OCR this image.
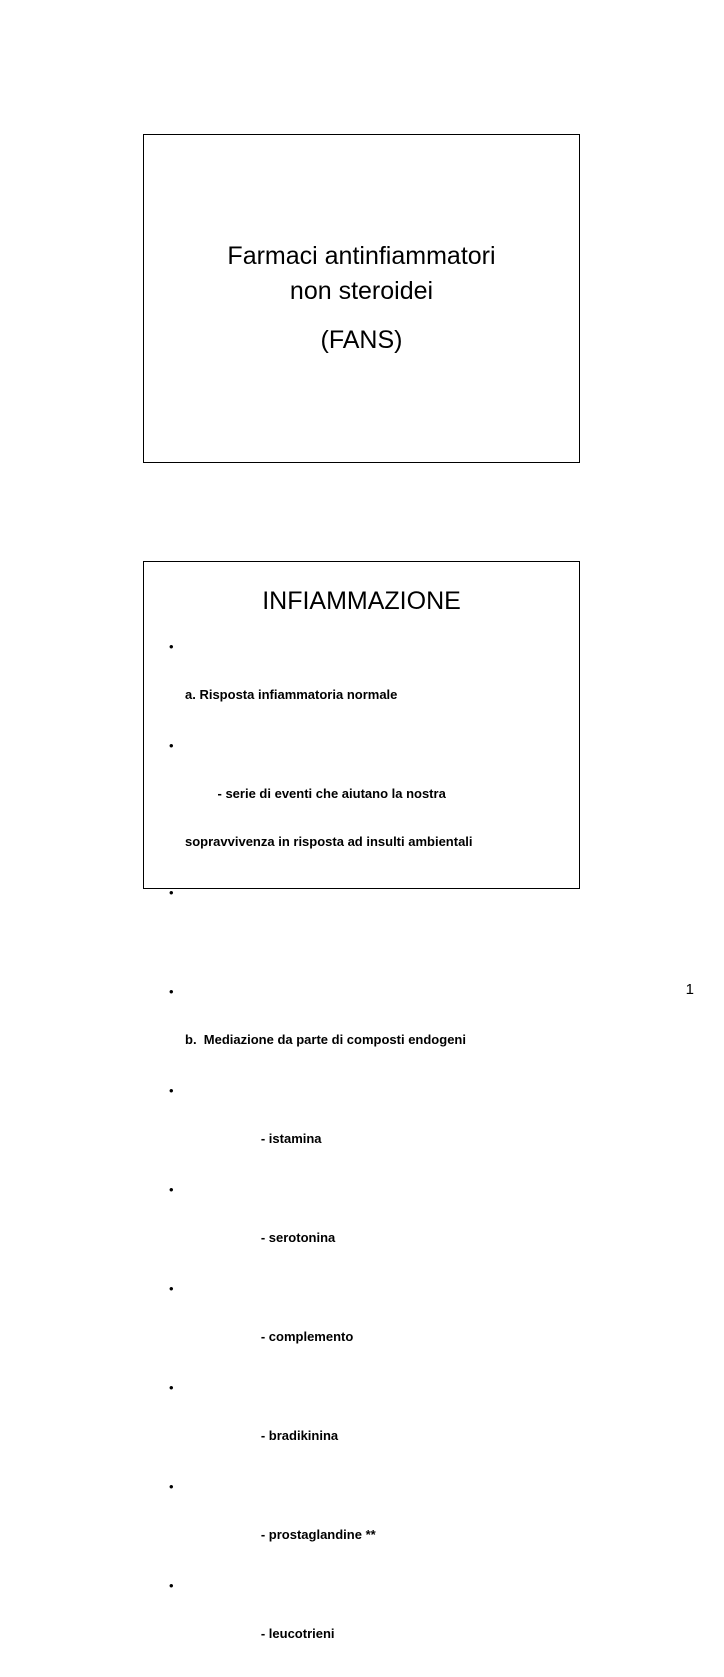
Farmaci antinfiammatori
non steroidei
(FANS)
INFIAMMAZIONE

•

a. Risposta infiammatoria normale

•

- serie di eventi che aiutano la nostra

sopravvivenza in risposta ad insulti ambientali

•

•

b.  Mediazione da parte di composti endogeni

•

- istamina

•

- serotonina

•

- complemento

•

- bradikinina

•

- prostaglandine **

•

- leucotrieni

1
